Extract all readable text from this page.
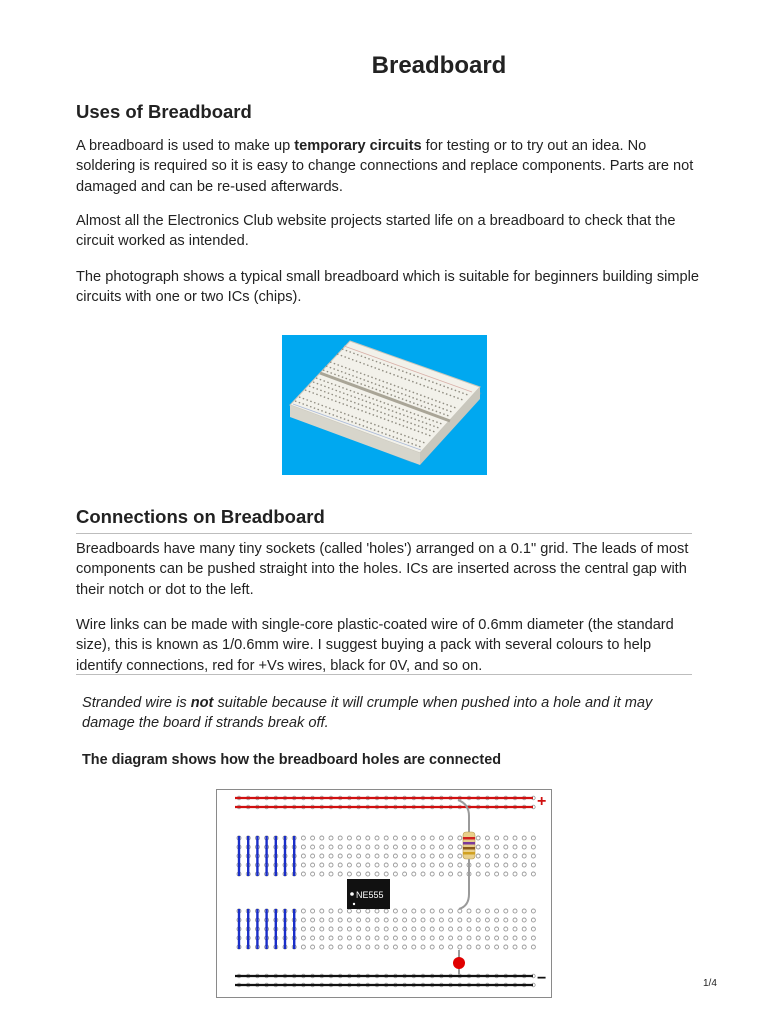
Breadboard
Uses of Breadboard
A breadboard is used to make up temporary circuits for testing or to try out an idea. No soldering is required so it is easy to change connections and replace components. Parts are not damaged and can be re-used afterwards.
Almost all the Electronics Club website projects started life on a breadboard to check that the circuit worked as intended.
The photograph shows a typical small breadboard which is suitable for beginners building simple circuits with one or two ICs (chips).
Connections on Breadboard
Breadboards have many tiny sockets (called 'holes') arranged on a 0.1" grid. The leads of most components can be pushed straight into the holes. ICs are inserted across the central gap with their notch or dot to the left.
Wire links can be made with single-core plastic-coated wire of 0.6mm diameter (the standard size), this is known as 1/0.6mm wire. I suggest buying a pack with several colours to help identify connections, red for +Vs wires, black for 0V, and so on.
Stranded wire is not suitable because it will crumple when pushed into a hole and it may damage the board if strands break off.
The diagram shows how the breadboard holes are connected
NE555
+
−	1/4
